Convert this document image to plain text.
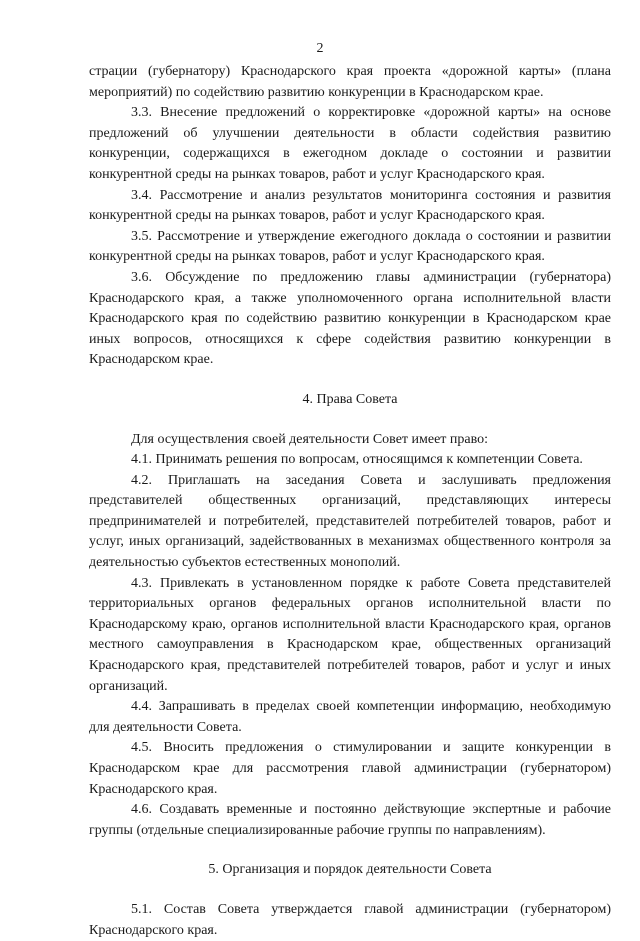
2

страции (губернатору) Краснодарского края проекта «дорожной карты» (плана мероприятий) по содействию развитию конкуренции в Краснодарском крае.

3.3. Внесение предложений о корректировке «дорожной карты» на основе предложений об улучшении деятельности в области содействия развитию конкуренции, содержащихся в ежегодном докладе о состоянии и развитии конкурентной среды на рынках товаров, работ и услуг Краснодарского края.

3.4. Рассмотрение и анализ результатов мониторинга состояния и развития конкурентной среды на рынках товаров, работ и услуг Краснодарского края.

3.5. Рассмотрение и утверждение ежегодного доклада о состоянии и развитии конкурентной среды на рынках товаров, работ и услуг Краснодарского края.

3.6. Обсуждение по предложению главы администрации (губернатора) Краснодарского края, а также уполномоченного органа исполнительной власти Краснодарского края по содействию развитию конкуренции в Краснодарском крае иных вопросов, относящихся к сфере содействия развитию конкуренции в Краснодарском крае.

4. Права Совета

Для осуществления своей деятельности Совет имеет право:

4.1. Принимать решения по вопросам, относящимся к компетенции Совета.

4.2. Приглашать на заседания Совета и заслушивать предложения представителей общественных организаций, представляющих интересы предпринимателей и потребителей, представителей потребителей товаров, работ и услуг, иных организаций, задействованных в механизмах общественного контроля за деятельностью субъектов естественных монополий.

4.3. Привлекать в установленном порядке к работе Совета представителей территориальных органов федеральных органов исполнительной власти по Краснодарскому краю, органов исполнительной власти Краснодарского края, органов местного самоуправления в Краснодарском крае, общественных организаций Краснодарского края, представителей потребителей товаров, работ и услуг и иных организаций.

4.4. Запрашивать в пределах своей компетенции информацию, необходимую для деятельности Совета.

4.5. Вносить предложения о стимулировании и защите конкуренции в Краснодарском крае для рассмотрения главой администрации (губернатором) Краснодарского края.

4.6. Создавать временные и постоянно действующие экспертные и рабочие группы (отдельные специализированные рабочие группы по направлениям).

5. Организация и порядок деятельности Совета

5.1. Состав Совета утверждается главой администрации (губернатором) Краснодарского края.
